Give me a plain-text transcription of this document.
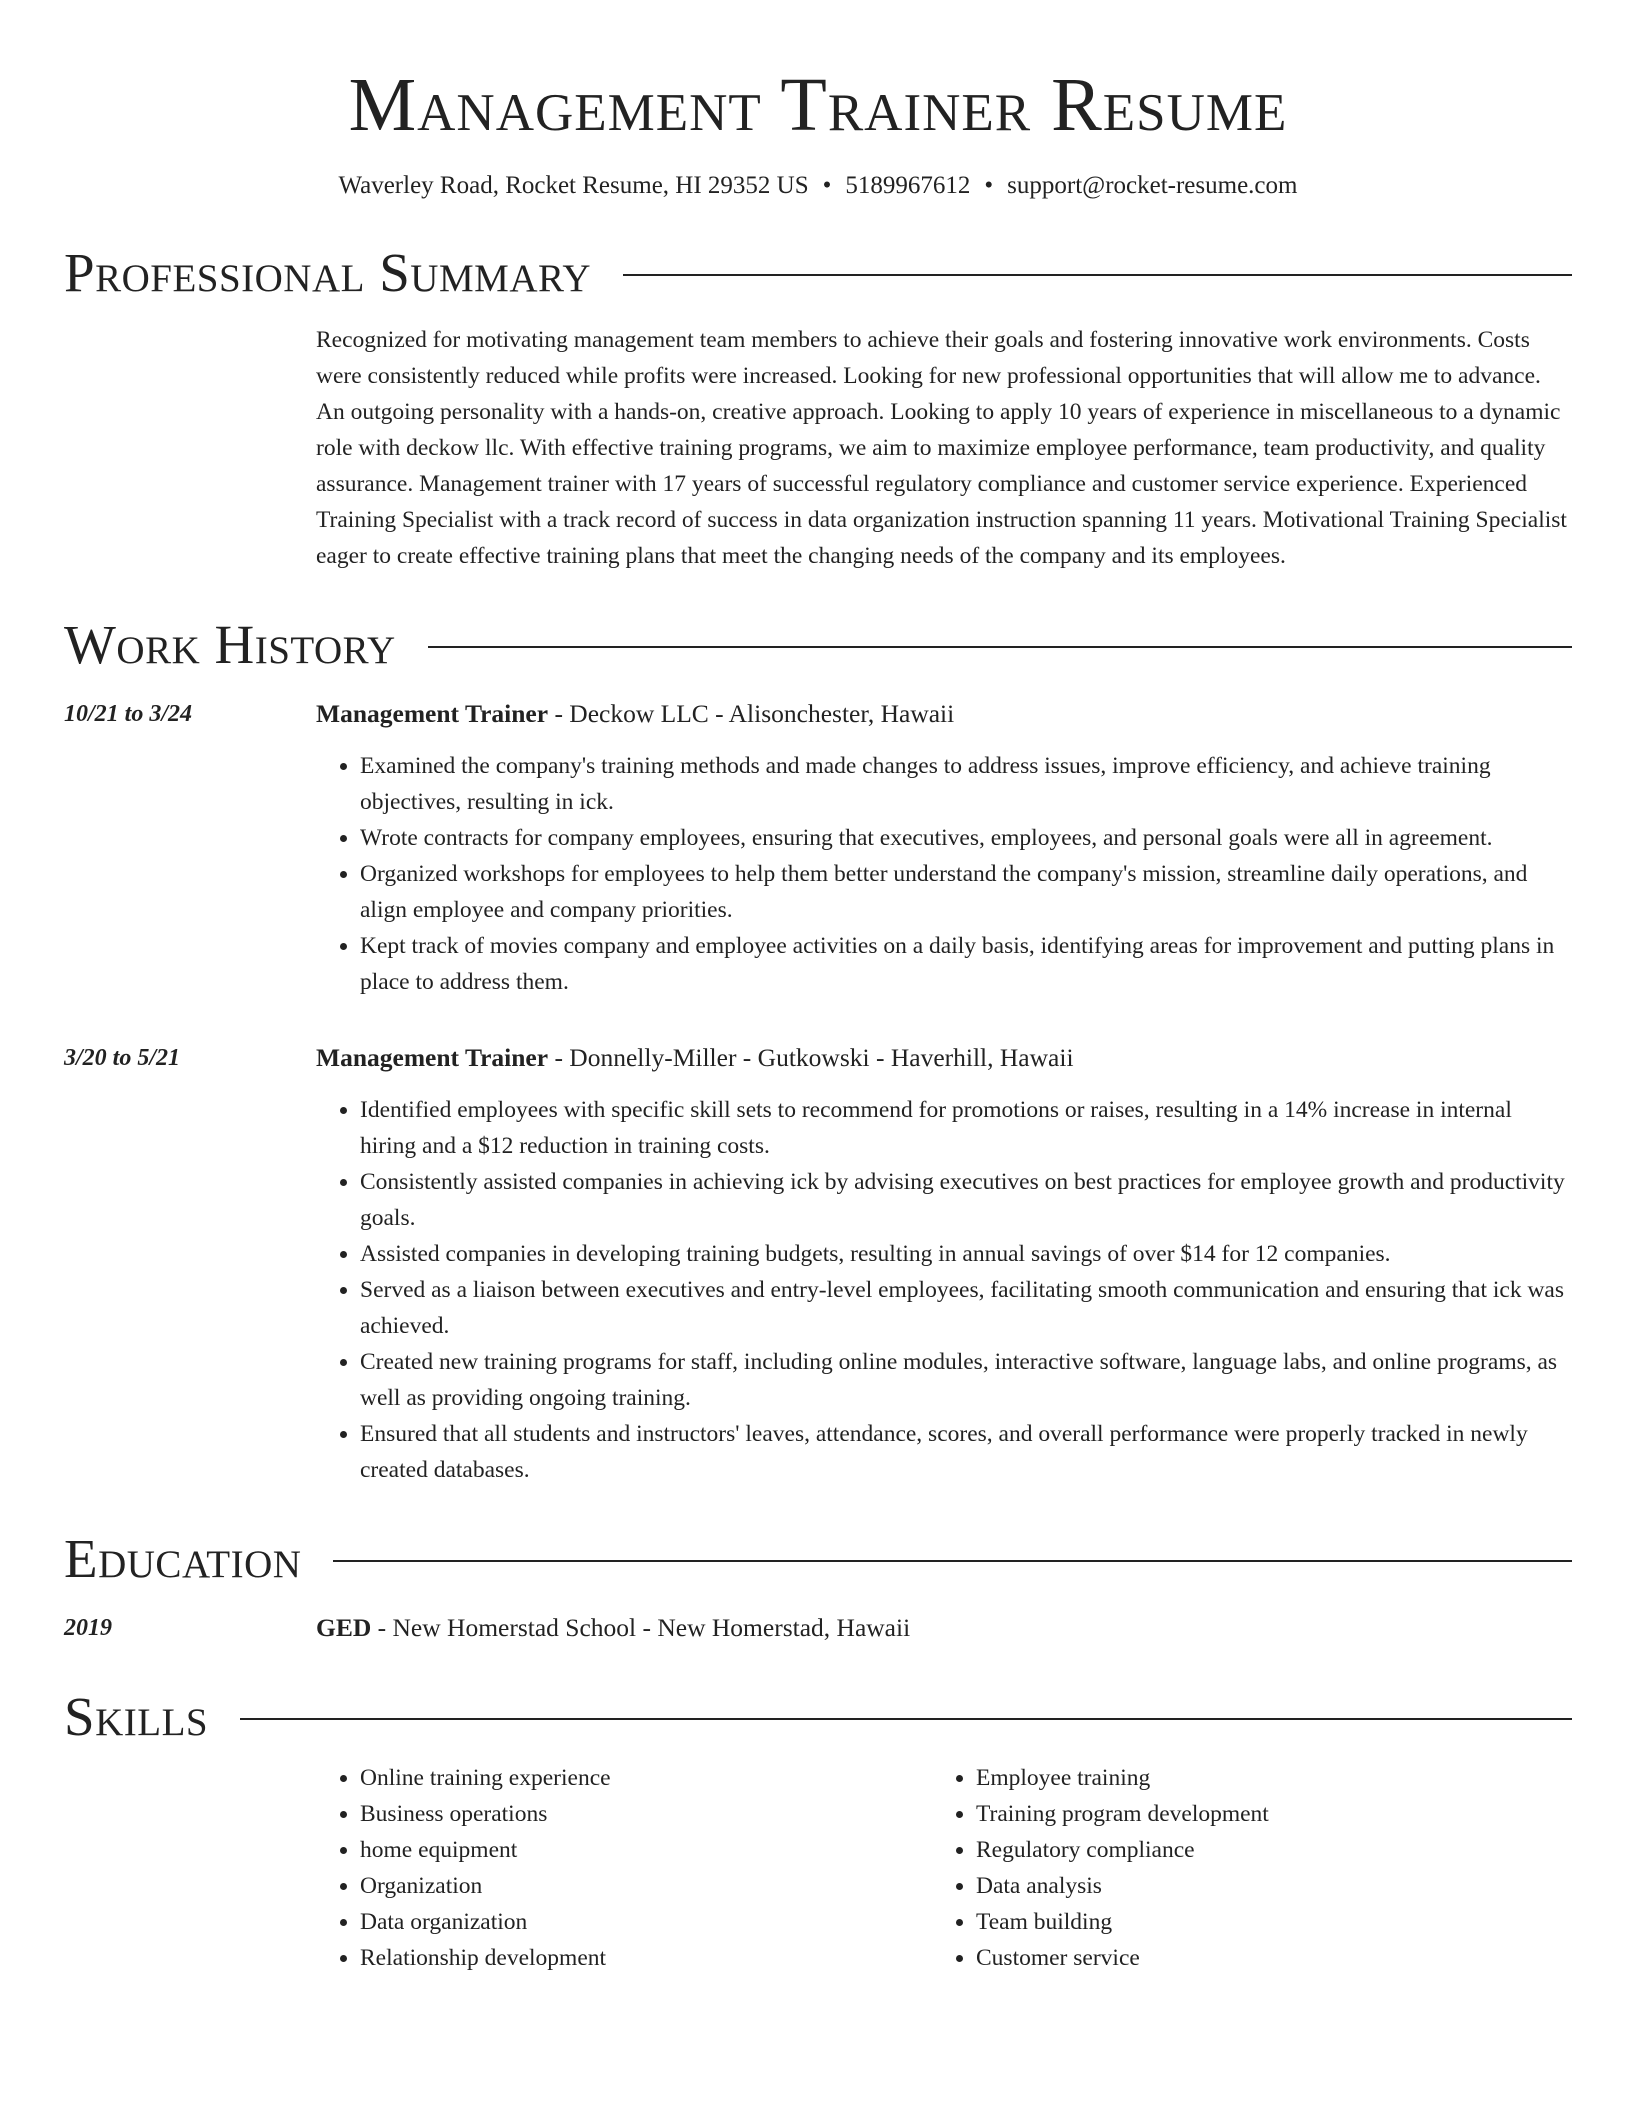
Management Trainer Resume
Waverley Road, Rocket Resume, HI 29352 US • 5189967612 • support@rocket-resume.com
Professional Summary
Recognized for motivating management team members to achieve their goals and fostering innovative work environments. Costs were consistently reduced while profits were increased. Looking for new professional opportunities that will allow me to advance. An outgoing personality with a hands-on, creative approach. Looking to apply 10 years of experience in miscellaneous to a dynamic role with deckow llc. With effective training programs, we aim to maximize employee performance, team productivity, and quality assurance. Management trainer with 17 years of successful regulatory compliance and customer service experience. Experienced Training Specialist with a track record of success in data organization instruction spanning 11 years. Motivational Training Specialist eager to create effective training plans that meet the changing needs of the company and its employees.
Work History
10/21 to 3/24	Management Trainer - Deckow LLC - Alisonchester, Hawaii
• Examined the company's training methods and made changes to address issues, improve efficiency, and achieve training objectives, resulting in ick.
• Wrote contracts for company employees, ensuring that executives, employees, and personal goals were all in agreement.
• Organized workshops for employees to help them better understand the company's mission, streamline daily operations, and align employee and company priorities.
• Kept track of movies company and employee activities on a daily basis, identifying areas for improvement and putting plans in place to address them.
3/20 to 5/21	Management Trainer - Donnelly-Miller - Gutkowski - Haverhill, Hawaii
• Identified employees with specific skill sets to recommend for promotions or raises, resulting in a 14% increase in internal hiring and a $12 reduction in training costs.
• Consistently assisted companies in achieving ick by advising executives on best practices for employee growth and productivity goals.
• Assisted companies in developing training budgets, resulting in annual savings of over $14 for 12 companies.
• Served as a liaison between executives and entry-level employees, facilitating smooth communication and ensuring that ick was achieved.
• Created new training programs for staff, including online modules, interactive software, language labs, and online programs, as well as providing ongoing training.
• Ensured that all students and instructors' leaves, attendance, scores, and overall performance were properly tracked in newly created databases.
Education
2019	GED - New Homerstad School - New Homerstad, Hawaii
Skills
• Online training experience
• Business operations
• home equipment
• Organization
• Data organization
• Relationship development
• Employee training
• Training program development
• Regulatory compliance
• Data analysis
• Team building
• Customer service
